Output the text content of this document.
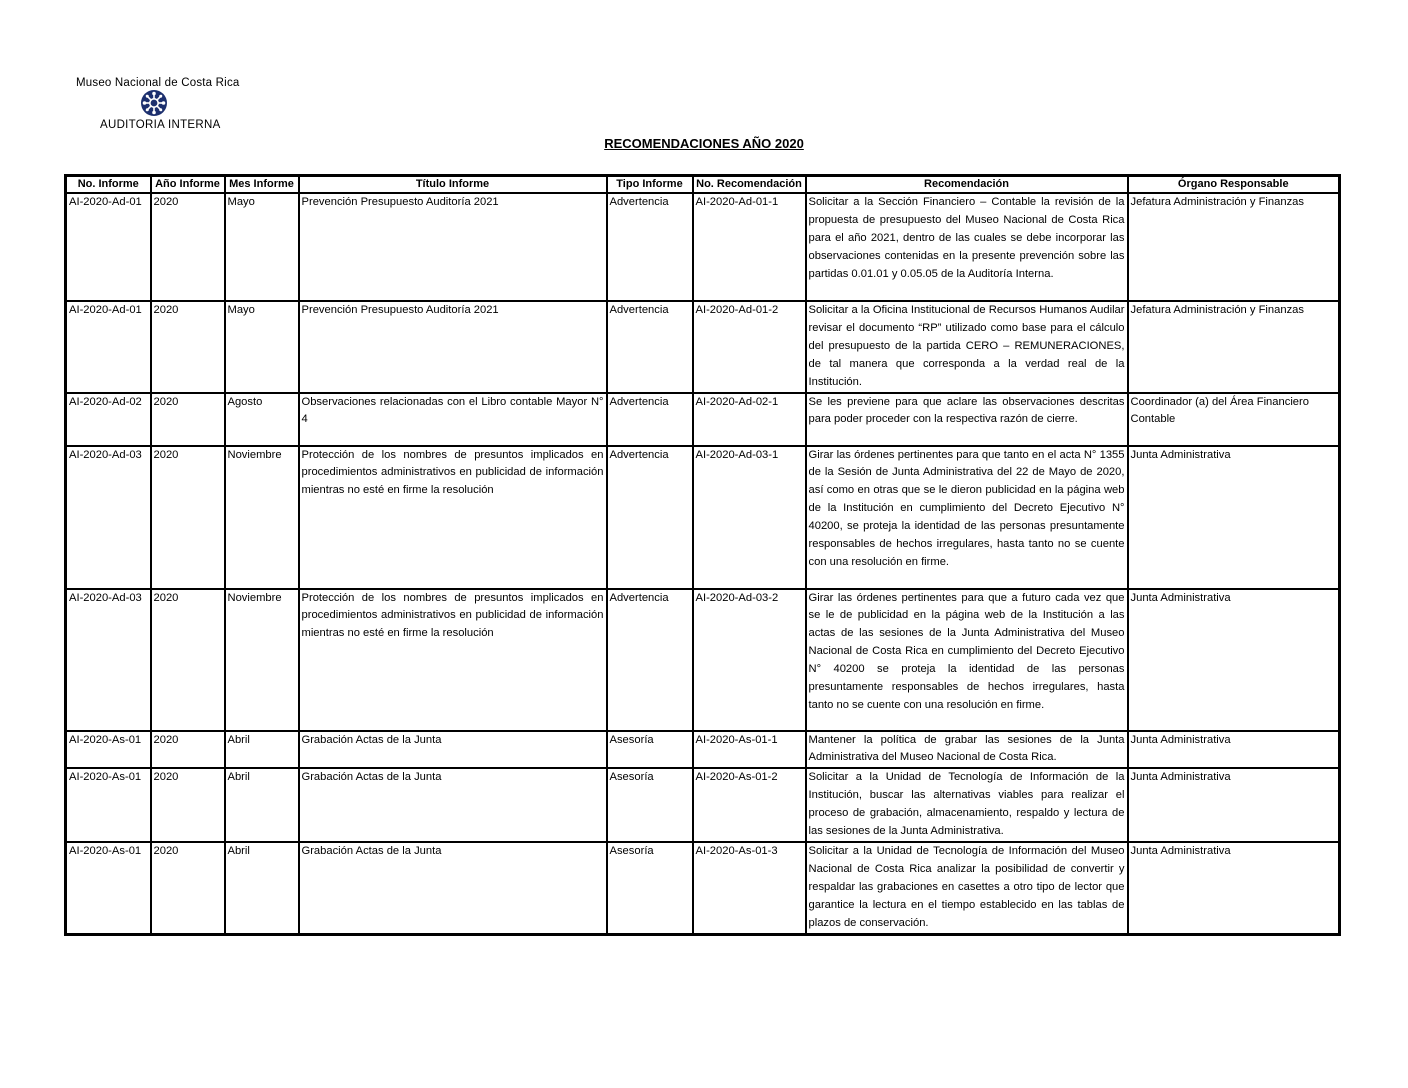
Museo Nacional de Costa Rica
AUDITORIA INTERNA
RECOMENDACIONES AÑO 2020
No. Informe	Año Informe	Mes Informe	Título Informe	Tipo Informe	No. Recomendación	Recomendación	Órgano Responsable
AI-2020-Ad-01	2020	Mayo	Prevención Presupuesto Auditoría 2021	Advertencia	AI-2020-Ad-01-1	Solicitar a la Sección Financiero – Contable la revisión de la propuesta de presupuesto del Museo Nacional de Costa Rica para el año 2021, dentro de las cuales se debe incorporar las observaciones contenidas en la presente prevención sobre las partidas 0.01.01 y 0.05.05 de la Auditoría Interna.	Jefatura Administración y Finanzas
AI-2020-Ad-01	2020	Mayo	Prevención Presupuesto Auditoría 2021	Advertencia	AI-2020-Ad-01-2	Solicitar a la Oficina Institucional de Recursos Humanos Audilar revisar el documento “RP” utilizado como base para el cálculo del presupuesto de la partida CERO – REMUNERACIONES, de tal manera que corresponda a la verdad real de la Institución.	Jefatura Administración y Finanzas
AI-2020-Ad-02	2020	Agosto	Observaciones relacionadas con el Libro contable Mayor N° 4	Advertencia	AI-2020-Ad-02-1	Se les previene para que aclare las observaciones descritas para poder proceder con la respectiva razón de cierre.	Coordinador (a) del Área Financiero Contable
AI-2020-Ad-03	2020	Noviembre	Protección de los nombres de presuntos implicados en procedimientos administrativos en publicidad de información mientras no esté en firme la resolución	Advertencia	AI-2020-Ad-03-1	Girar las órdenes pertinentes para que tanto en el acta N° 1355 de la Sesión de Junta Administrativa del 22 de Mayo de 2020, así como en otras que se le dieron publicidad en la página web de la Institución en cumplimiento del Decreto Ejecutivo N° 40200, se proteja la identidad de las personas presuntamente responsables de hechos irregulares, hasta tanto no se cuente con una resolución en firme.	Junta Administrativa
AI-2020-Ad-03	2020	Noviembre	Protección de los nombres de presuntos implicados en procedimientos administrativos en publicidad de información mientras no esté en firme la resolución	Advertencia	AI-2020-Ad-03-2	Girar las órdenes pertinentes para que a futuro cada vez que se le de publicidad en la página web de la Institución a las actas de las sesiones de la Junta Administrativa del Museo Nacional de Costa Rica en cumplimiento del Decreto Ejecutivo N° 40200 se proteja la identidad de las personas presuntamente responsables de hechos irregulares, hasta tanto no se cuente con una resolución en firme.	Junta Administrativa
AI-2020-As-01	2020	Abril	Grabación Actas de la Junta	Asesoría	AI-2020-As-01-1	Mantener la política de grabar las sesiones de la Junta Administrativa del Museo Nacional de Costa Rica.	Junta Administrativa
AI-2020-As-01	2020	Abril	Grabación Actas de la Junta	Asesoría	AI-2020-As-01-2	Solicitar a la Unidad de Tecnología de Información de la Institución, buscar las alternativas viables para realizar el proceso de grabación, almacenamiento, respaldo y lectura de las sesiones de la Junta Administrativa.	Junta Administrativa
AI-2020-As-01	2020	Abril	Grabación Actas de la Junta	Asesoría	AI-2020-As-01-3	Solicitar a la Unidad de Tecnología de Información del Museo Nacional de Costa Rica analizar la posibilidad de convertir y respaldar las grabaciones en casettes a otro tipo de lector que garantice la lectura en el tiempo establecido en las tablas de plazos de conservación.	Junta Administrativa
